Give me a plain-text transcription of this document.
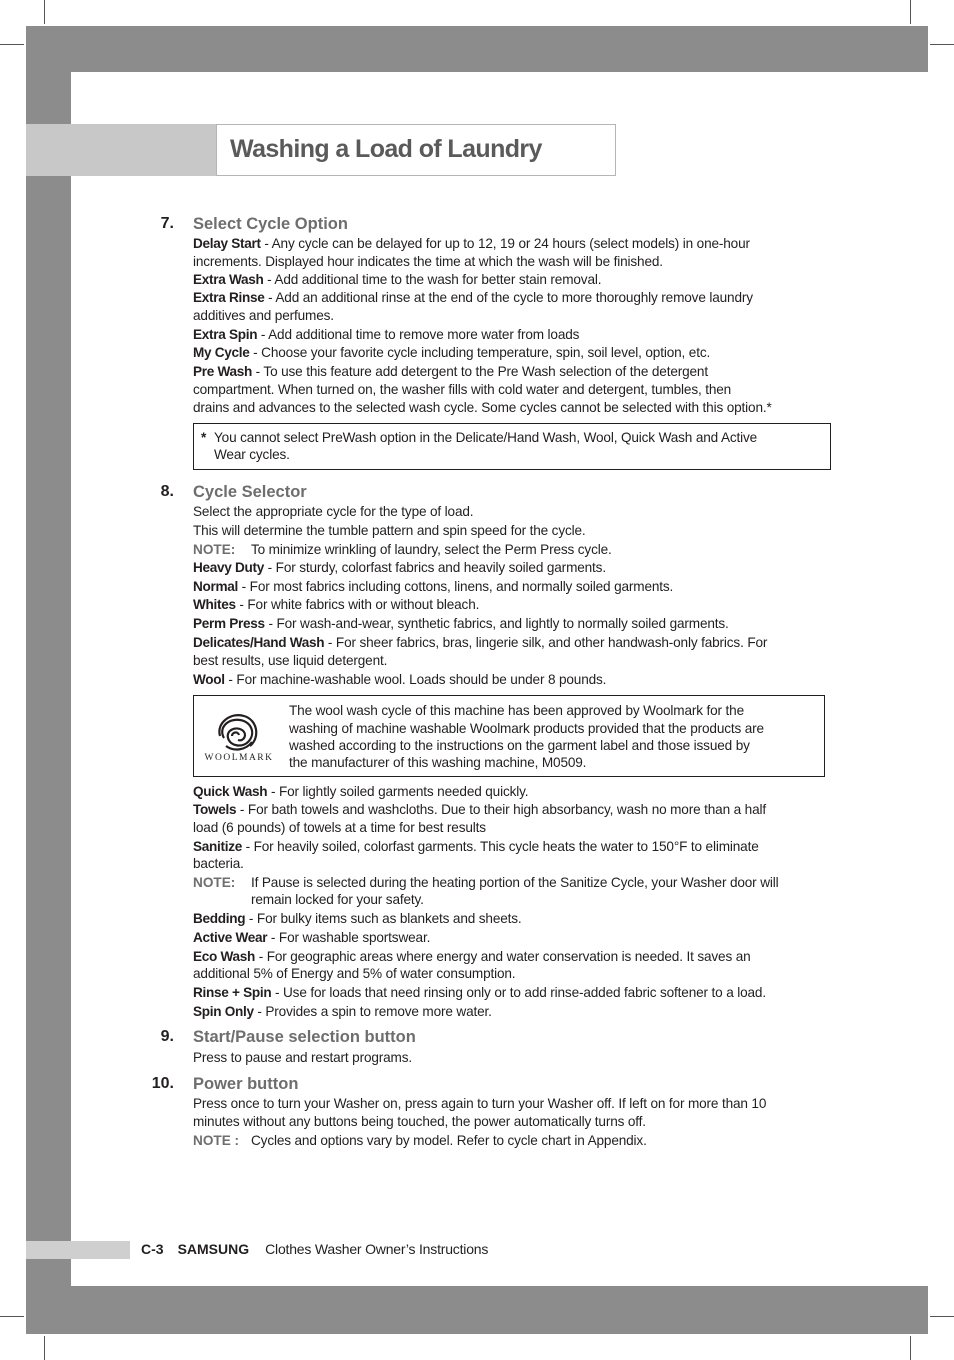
Washing a Load of Laundry
7. Select Cycle Option
Delay Start - Any cycle can be delayed for up to 12, 19 or 24 hours (select models) in one-hour
increments. Displayed hour indicates the time at which the wash will be finished.
Extra Wash - Add additional time to the wash for better stain removal.
Extra Rinse - Add an additional rinse at the end of the cycle to more thoroughly remove laundry
additives and perfumes.
Extra Spin - Add additional time to remove more water from loads
My Cycle - Choose your favorite cycle including temperature, spin, soil level, option, etc.
Pre Wash - To use this feature add detergent to the Pre Wash selection of the detergent
compartment. When turned on, the washer fills with cold water and detergent, tumbles, then
drains and advances to the selected wash cycle. Some cycles cannot be selected with this option.*
* You cannot select PreWash option in the Delicate/Hand Wash, Wool, Quick Wash and Active
Wear cycles.
8. Cycle Selector
Select the appropriate cycle for the type of load.
This will determine the tumble pattern and spin speed for the cycle.
NOTE: To minimize wrinkling of laundry, select the Perm Press cycle.
Heavy Duty - For sturdy, colorfast fabrics and heavily soiled garments.
Normal - For most fabrics including cottons, linens, and normally soiled garments.
Whites - For white fabrics with or without bleach.
Perm Press - For wash-and-wear, synthetic fabrics, and lightly to normally soiled garments.
Delicates/Hand Wash - For sheer fabrics, bras, lingerie silk, and other handwash-only fabrics. For
best results, use liquid detergent.
Wool - For machine-washable wool. Loads should be under 8 pounds.
WOOLMARK
The wool wash cycle of this machine has been approved by Woolmark for the
washing of machine washable Woolmark products provided that the products are
washed according to the instructions on the garment label and those issued by
the manufacturer of this washing machine, M0509.
Quick Wash - For lightly soiled garments needed quickly.
Towels - For bath towels and washcloths. Due to their high absorbancy, wash no more than a half
load (6 pounds) of towels at a time for best results
Sanitize - For heavily soiled, colorfast garments. This cycle heats the water to 150°F to eliminate
bacteria.
NOTE: If Pause is selected during the heating portion of the Sanitize Cycle, your Washer door will
remain locked for your safety.
Bedding - For bulky items such as blankets and sheets.
Active Wear - For washable sportswear.
Eco Wash - For geographic areas where energy and water conservation is needed. It saves an
additional 5% of Energy and 5% of water consumption.
Rinse + Spin - Use for loads that need rinsing only or to add rinse-added fabric softener to a load.
Spin Only - Provides a spin to remove more water.
9. Start/Pause selection button
Press to pause and restart programs.
10. Power button
Press once to turn your Washer on, press again to turn your Washer off. If left on for more than 10
minutes without any buttons being touched, the power automatically turns off.
NOTE : Cycles and options vary by model. Refer to cycle chart in Appendix.
C-3 SAMSUNG Clothes Washer Owner’s Instructions
